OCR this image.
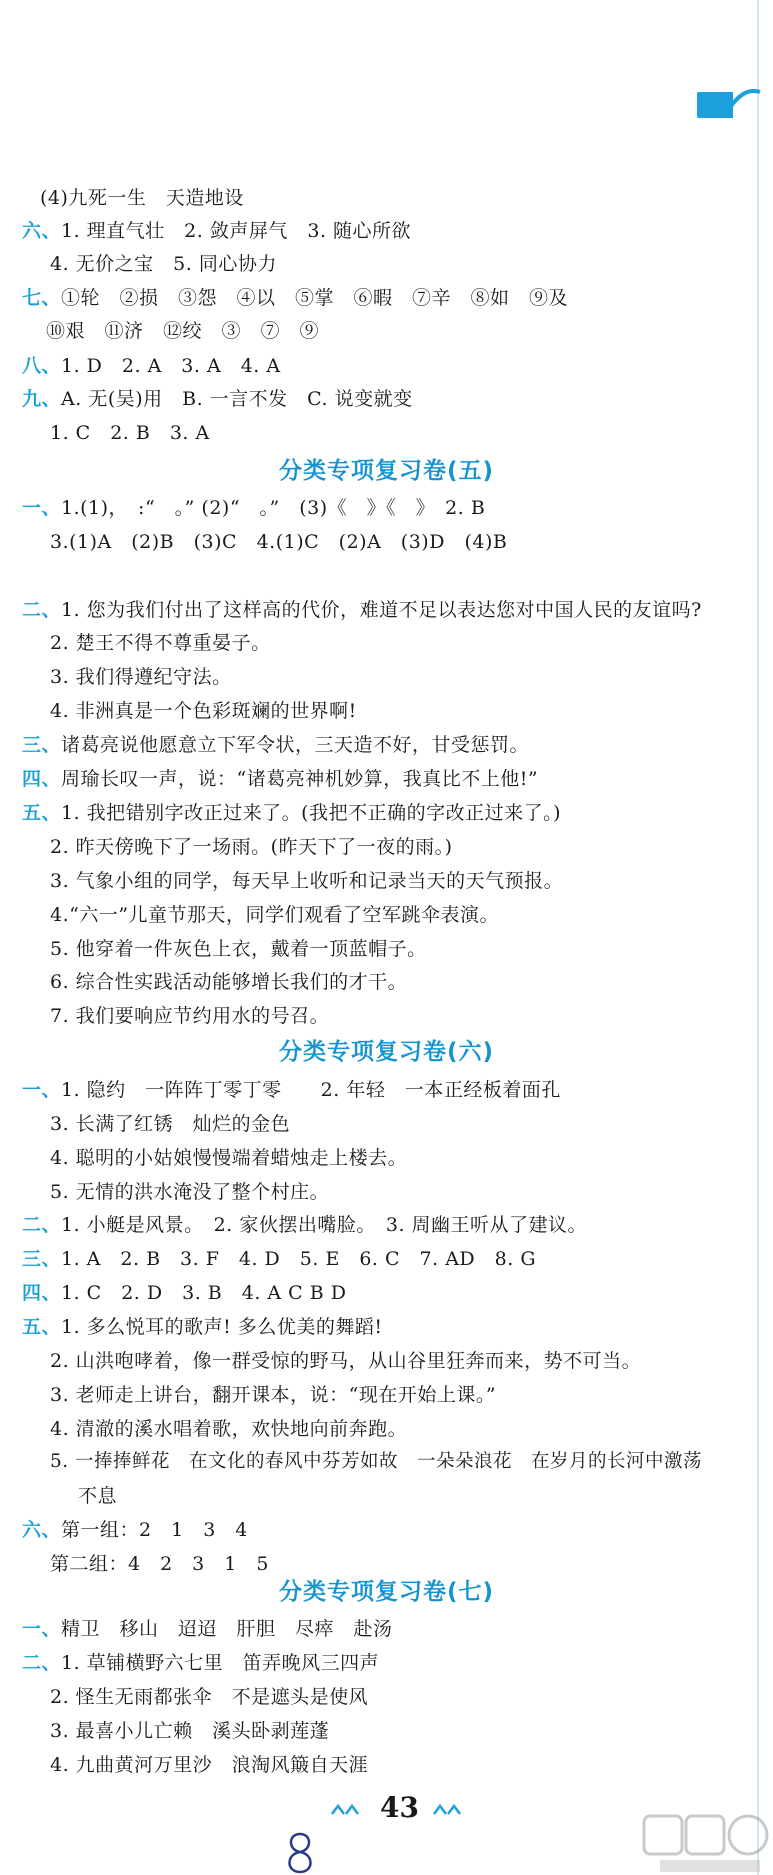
(4)九死一生　天造地设
六、1. 理直气壮　2. 敛声屏气　3. 随心所欲
4. 无价之宝　5. 同心协力
七、①轮　②损　③怨　④以　⑤掌　⑥暇　⑦辛　⑧如　⑨及
⑩艰　⑪济　⑫绞　③　⑦　⑨
八、1. D　2. A　3. A　4. A
九、A. 无(吴)用　B. 一言不发　C. 说变就变
1. C　2. B　3. A
分类专项复习卷(五)
一、1.(1)，　:“　。” (2)“　。”　(3)《　》《　》　2. B
3.(1)A　(2)B　(3)C　4.(1)C　(2)A　(3)D　(4)B
二、1. 您为我们付出了这样高的代价，难道不足以表达您对中国人民的友谊吗?
2. 楚王不得不尊重晏子。
3. 我们得遵纪守法。
4. 非洲真是一个色彩斑斓的世界啊!
三、诸葛亮说他愿意立下军令状，三天造不好，甘受惩罚。
四、周瑜长叹一声，说：“诸葛亮神机妙算，我真比不上他!”
五、1. 我把错别字改正过来了。(我把不正确的字改正过来了。)
2. 昨天傍晚下了一场雨。(昨天下了一夜的雨。)
3. 气象小组的同学，每天早上收听和记录当天的天气预报。
4.“六一”儿童节那天，同学们观看了空军跳伞表演。
5. 他穿着一件灰色上衣，戴着一顶蓝帽子。
6. 综合性实践活动能够增长我们的才干。
7. 我们要响应节约用水的号召。
分类专项复习卷(六)
一、1. 隐约　一阵阵丁零丁零　　2. 年轻　一本正经板着面孔
3. 长满了红锈　灿烂的金色
4. 聪明的小姑娘慢慢端着蜡烛走上楼去。
5. 无情的洪水淹没了整个村庄。
二、1. 小艇是风景。　2. 家伙摆出嘴脸。　3. 周幽王听从了建议。
三、1. A　2. B　3. F　4. D　5. E　6. C　7. AD　8. G
四、1. C　2. D　3. B　4. A C B D
五、1. 多么悦耳的歌声! 多么优美的舞蹈!
2. 山洪咆哮着，像一群受惊的野马，从山谷里狂奔而来，势不可当。
3. 老师走上讲台，翻开课本，说：“现在开始上课。”
4. 清澈的溪水唱着歌，欢快地向前奔跑。
5. 一捧捧鲜花　在文化的春风中芬芳如故　一朵朵浪花　在岁月的长河中激荡
不息
六、第一组：2　1　3　4
第二组：4　2　3　1　5
分类专项复习卷(七)
一、精卫　移山　迢迢　肝胆　尽瘁　赴汤
二、1. 草铺横野六七里　笛弄晚风三四声
2. 怪生无雨都张伞　不是遮头是使风
3. 最喜小儿亡赖　溪头卧剥莲蓬
4. 九曲黄河万里沙　浪淘风簸自天涯
43
